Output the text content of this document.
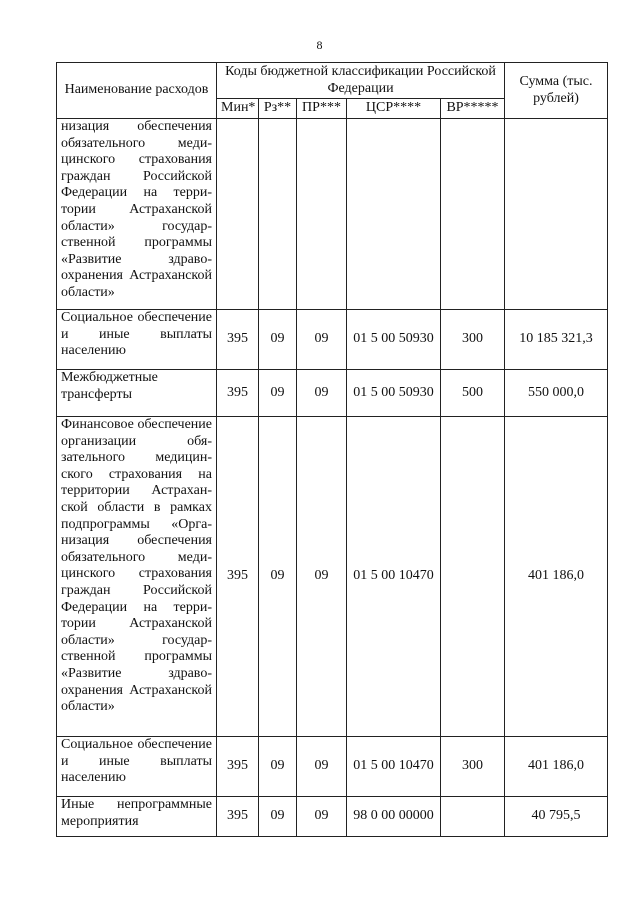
8
Наименование расходов	Коды бюджетной классификации Российской Федерации					Сумма (тыс. рублей)
	Мин*	Рз**	ПР***	ЦСР****	ВР*****	
низация обеспечения обязательного медицинского страхования граждан Российской Федерации на территории Астраханской области» государственной программы «Развитие здравоохранения Астраханской области»						
Социальное обеспечение и иные выплаты населению	395	09	09	01 5 00 50930	300	10 185 321,3
Межбюджетные трансферты	395	09	09	01 5 00 50930	500	550 000,0
Финансовое обеспечение организации обязательного медицинского страхования на территории Астраханской области в рамках подпрограммы «Организация обеспечения обязательного медицинского страхования граждан Российской Федерации на территории Астраханской области» государственной программы «Развитие здравоохранения Астраханской области»	395	09	09	01 5 00 10470		401 186,0
Социальное обеспечение и иные выплаты населению	395	09	09	01 5 00 10470	300	401 186,0
Иные непрограммные мероприятия	395	09	09	98 0 00 00000		40 795,5
